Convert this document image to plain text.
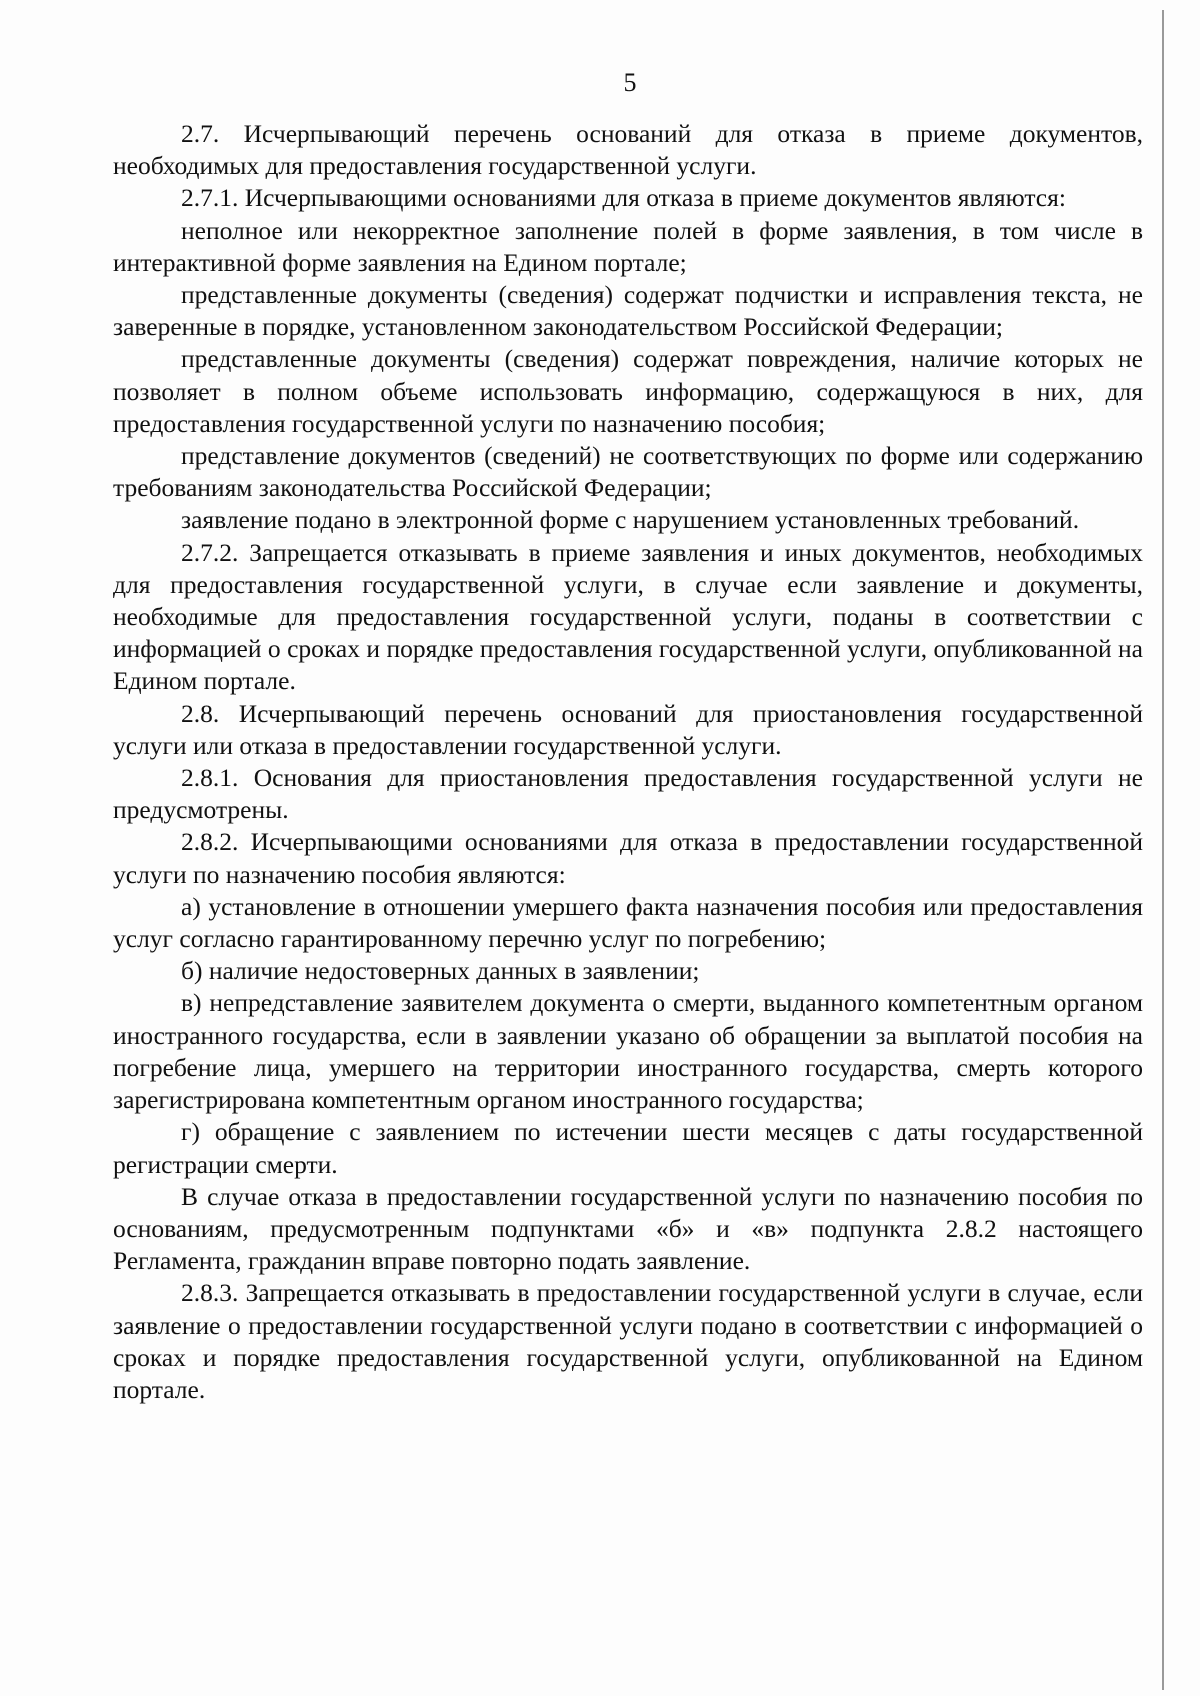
5

2.7. Исчерпывающий перечень оснований для отказа в приеме документов, необходимых для предоставления государственной услуги.

2.7.1. Исчерпывающими основаниями для отказа в приеме документов являются:

неполное или некорректное заполнение полей в форме заявления, в том числе в интерактивной форме заявления на Едином портале;

представленные документы (сведения) содержат подчистки и исправления текста, не заверенные в порядке, установленном законодательством Российской Федерации;

представленные документы (сведения) содержат повреждения, наличие которых не позволяет в полном объеме использовать информацию, содержащуюся в них, для предоставления государственной услуги по назначению пособия;

представление документов (сведений) не соответствующих по форме или содержанию требованиям законодательства Российской Федерации;

заявление подано в электронной форме с нарушением установленных требований.

2.7.2. Запрещается отказывать в приеме заявления и иных документов, необходимых для предоставления государственной услуги, в случае если заявление и документы, необходимые для предоставления государственной услуги, поданы в соответствии с информацией о сроках и порядке предоставления государственной услуги, опубликованной на Едином портале.

2.8. Исчерпывающий перечень оснований для приостановления государственной услуги или отказа в предоставлении государственной услуги.

2.8.1. Основания для приостановления предоставления государственной услуги не предусмотрены.

2.8.2. Исчерпывающими основаниями для отказа в предоставлении государственной услуги по назначению пособия являются:

а) установление в отношении умершего факта назначения пособия или предоставления услуг согласно гарантированному перечню услуг по погребению;

б) наличие недостоверных данных в заявлении;

в) непредставление заявителем документа о смерти, выданного компетентным органом иностранного государства, если в заявлении указано об обращении за выплатой пособия на погребение лица, умершего на территории иностранного государства, смерть которого зарегистрирована компетентным органом иностранного государства;

г) обращение с заявлением по истечении шести месяцев с даты государственной регистрации смерти.

В случае отказа в предоставлении государственной услуги по назначению пособия по основаниям, предусмотренным подпунктами «б» и «в» подпункта 2.8.2 настоящего Регламента, гражданин вправе повторно подать заявление.

2.8.3. Запрещается отказывать в предоставлении государственной услуги в случае, если заявление о предоставлении государственной услуги подано в соответствии с информацией о сроках и порядке предоставления государственной услуги, опубликованной на Едином портале.
